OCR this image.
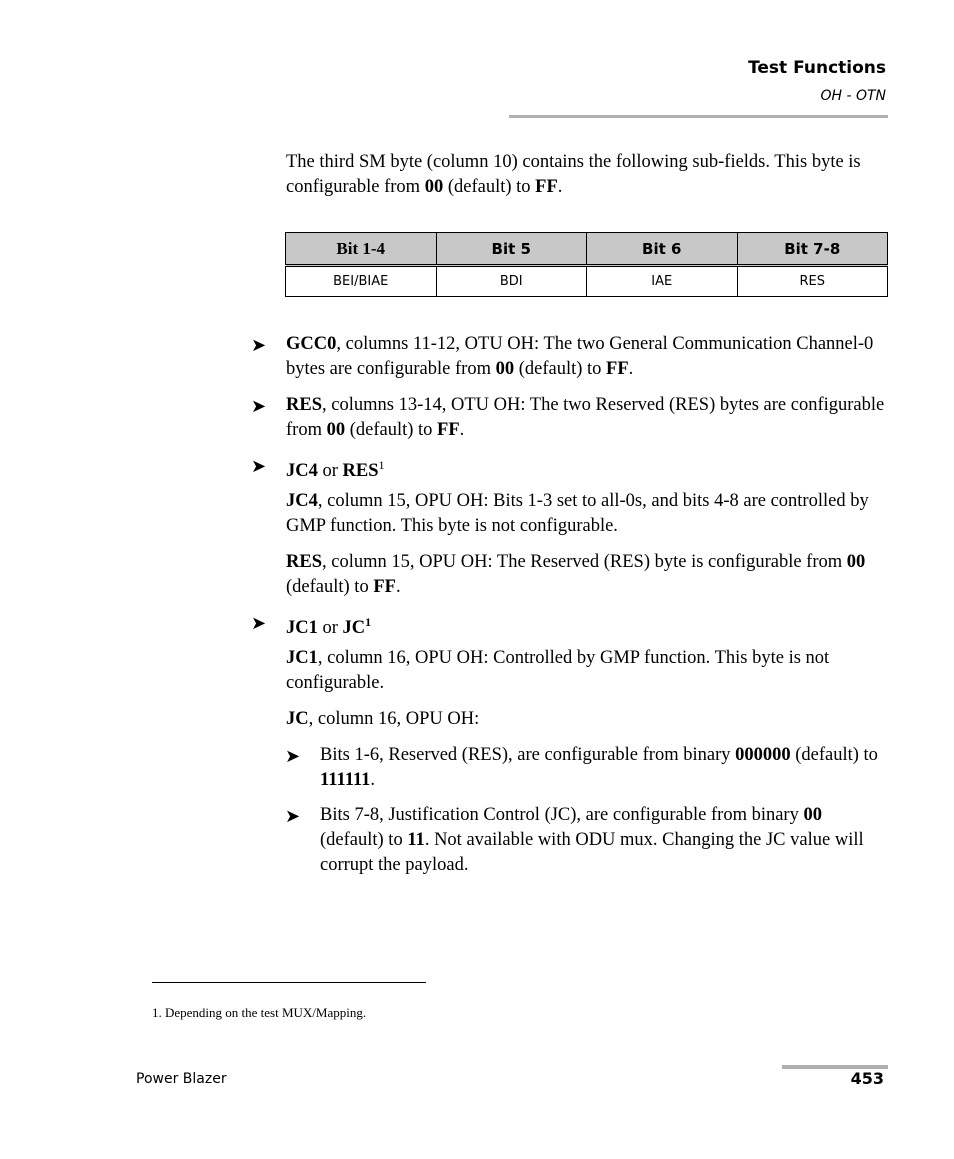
Test Functions
OH - OTN

The third SM byte (column 10) contains the following sub-fields. This byte is configurable from 00 (default) to FF.

Bit 1-4	Bit 5	Bit 6	Bit 7-8
BEI/BIAE	BDI	IAE	RES
➤ GCC0, columns 11-12, OTU OH: The two General Communication Channel-0 bytes are configurable from 00 (default) to FF.

➤ RES, columns 13-14, OTU OH: The two Reserved (RES) bytes are configurable from 00 (default) to FF.

➤ JC4 or RES$^1$

JC4, column 15, OPU OH: Bits 1-3 set to all-0s, and bits 4-8 are controlled by GMP function. This byte is not configurable.

RES, column 15, OPU OH: The Reserved (RES) byte is configurable from 00 (default) to FF.

➤ JC1 or $JC^1$

JC1, column 16, OPU OH: Controlled by GMP function. This byte is not configurable.

JC, column 16, OPU OH:

➤ Bits 1-6, Reserved (RES), are configurable from binary 000000 (default) to 111111.

➤ Bits 7-8, Justification Control (JC), are configurable from binary 00 (default) to 11. Not available with ODU mux. Changing the JC value will corrupt the payload.

1. Depending on the test MUX/Mapping.
Power Blazer	453
